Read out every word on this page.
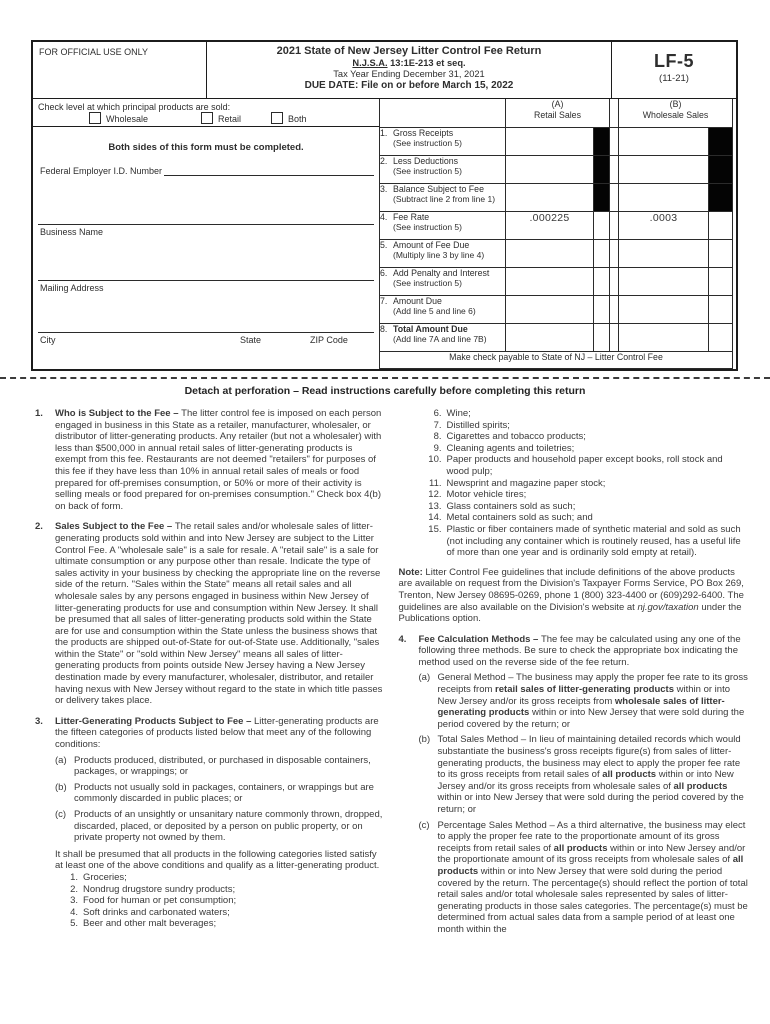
FOR OFFICIAL USE ONLY	2021 State of New Jersey Litter Control Fee Return
N.J.S.A. 13:1E-213 et seq.
Tax Year Ending December 31, 2021
DUE DATE: File on or before March 15, 2022
LF-5
(11-21)
Check level at which principal products are sold:
Wholesale	Retail	Both
Both sides of this form must be completed.
Federal Employer I.D. Number
Business Name
Mailing Address
City	State	ZIP Code

(A)
Retail Sales

(B)
Wholesale Sales

1. Gross Receipts
(See instruction 5)						

2. Less Deductions
(See instruction 5)						

3. Balance Subject to Fee
(Subtract line 2 from line 1)						

4. Fee Rate
(See instruction 5)	.000225			.0003		

5. Amount of Fee Due
(Multiply line 3 by line 4)						

6. Add Penalty and Interest
(See instruction 5)						

7. Amount Due
(Add line 5 and line 6)						

8. Total Amount Due
(Add line 7A and line 7B)						

Make check payable to State of NJ – Litter Control Fee						
Detach at perforation – Read instructions carefully before completing this return
1.	Who is Subject to the Fee – The litter control fee is imposed on each person engaged in business in this State as a retailer, manufacturer, wholesaler, or distributor of litter-generating products. Any retailer (but not a wholesaler) with less than $500,000 in annual retail sales of litter-generating products is exempt from this fee. Restaurants are not deemed "retailers" for purposes of this fee if they have less than 10% in annual retail sales of meals or food prepared for off-premises consumption, or 50% or more of their activity is selling meals or food prepared for on-premises consumption." Check box 4(b) on back of form.
2.	Sales Subject to the Fee – The retail sales and/or wholesale sales of litter-generating products sold within and into New Jersey are subject to the Litter Control Fee. A "wholesale sale" is a sale for resale. A "retail sale" is a sale for ultimate consumption or any purpose other than resale. Indicate the type of sales activity in your business by checking the appropriate line on the reverse side of the return. "Sales within the State" means all retail sales and all wholesale sales by any persons engaged in business within New Jersey of litter-generating products for use and consumption within New Jersey. It shall be presumed that all sales of litter-generating products sold within the State are for use and consumption within the State unless the business shows that the products are shipped out-of-State for out-of-State use. Additionally, "sales within the State" or "sold within New Jersey" means all sales of litter-generating products from points outside New Jersey having a New Jersey destination made by every manufacturer, wholesaler, distributor, and retailer having nexus with New Jersey without regard to the state in which title passes or delivery takes place.
3.	Litter-Generating Products Subject to Fee – Litter-generating products are the fifteen categories of products listed below that meet any of the following conditions:
(a) Products produced, distributed, or purchased in disposable containers, packages, or wrappings; or
(b) Products not usually sold in packages, containers, or wrappings but are commonly discarded in public places; or
(c) Products of an unsightly or unsanitary nature commonly thrown, dropped, discarded, placed, or deposited by a person on public property, or on private property not owned by them.
It shall be presumed that all products in the following categories listed satisfy at least one of the above conditions and qualify as a litter-generating product.
1. Groceries;
2. Nondrug drugstore sundry products;
3. Food for human or pet consumption;
4. Soft drinks and carbonated waters;
5. Beer and other malt beverages;
6. Wine;
7. Distilled spirits;
8. Cigarettes and tobacco products;
9. Cleaning agents and toiletries;
10. Paper products and household paper except books, roll stock and wood pulp;
11. Newsprint and magazine paper stock;
12. Motor vehicle tires;
13. Glass containers sold as such;
14. Metal containers sold as such; and
15. Plastic or fiber containers made of synthetic material and sold as such (not including any container which is routinely reused, has a useful life of more than one year and is ordinarily sold empty at retail).
Note: Litter Control Fee guidelines that include definitions of the above products are available on request from the Division's Taxpayer Forms Service, PO Box 269, Trenton, New Jersey 08695-0269, phone 1 (800) 323-4400 or (609)292-6400. The guidelines are also available on the Division's website at nj.gov/taxation under the Publications option.
4.	Fee Calculation Methods – The fee may be calculated using any one of the following three methods. Be sure to check the appropriate box indicating the method used on the reverse side of the fee return.
(a) General Method – The business may apply the proper fee rate to its gross receipts from retail sales of litter-generating products within or into New Jersey and/or its gross receipts from wholesale sales of litter-generating products within or into New Jersey that were sold during the period covered by the return; or
(b) Total Sales Method – In lieu of maintaining detailed records which would substantiate the business's gross receipts figure(s) from sales of litter-generating products, the business may elect to apply the proper fee rate to its gross receipts from retail sales of all products within or into New Jersey and/or its gross receipts from wholesale sales of all products within or into New Jersey that were sold during the period covered by the return; or
(c) Percentage Sales Method – As a third alternative, the business may elect to apply the proper fee rate to the proportionate amount of its gross receipts from retail sales of all products within or into New Jersey and/or the proportionate amount of its gross receipts from wholesale sales of all products within or into New Jersey that were sold during the period covered by the return. The percentage(s) should reflect the portion of total retail sales and/or total wholesale sales represented by sales of litter-generating products in those sales categories. The percentage(s) must be determined from actual sales data from a sample period of at least one month within the
